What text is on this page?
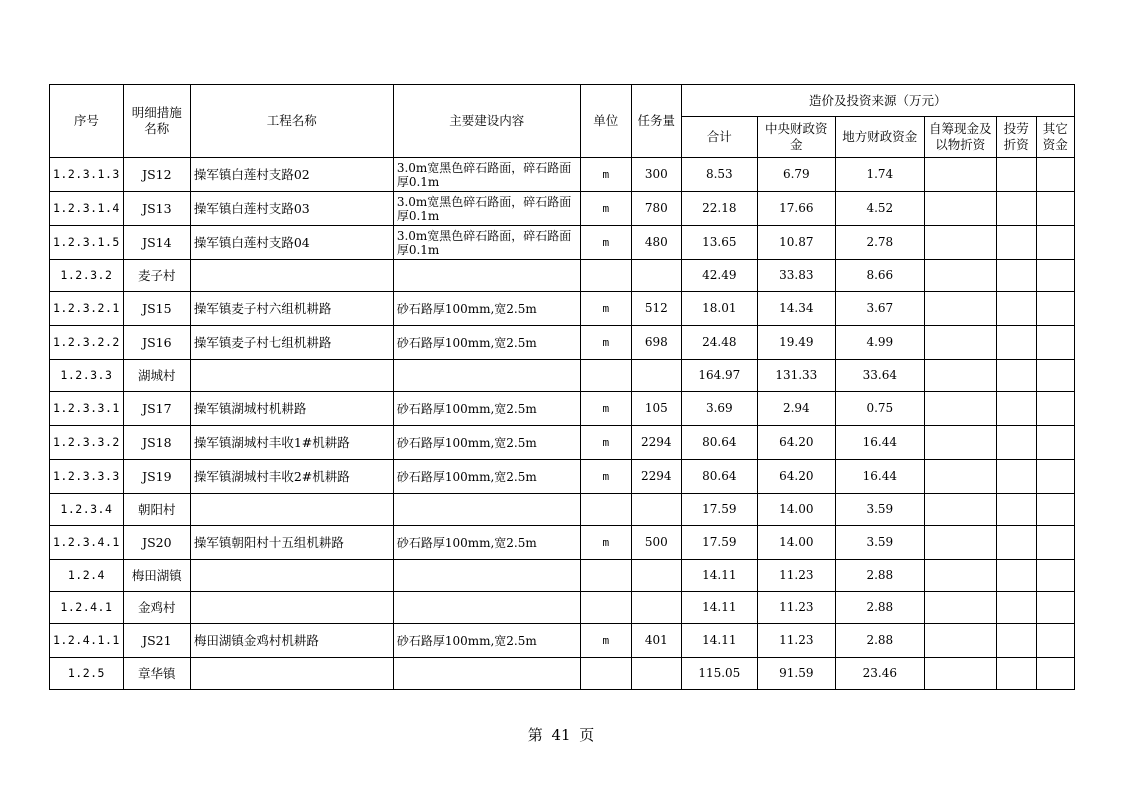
序号	明细措施名称	工程名称	主要建设内容	单位	任务量	造价及投资来源（万元）					
						合计	中央财政资金	地方财政资金	自筹现金及以物折资	投劳折资	其它资金
1.2.3.1.3	JS12	操军镇白莲村支路02	3.0m宽黑色碎石路面，碎石路面厚0.1m	m	300	8.53	6.79	1.74			
1.2.3.1.4	JS13	操军镇白莲村支路03	3.0m宽黑色碎石路面，碎石路面厚0.1m	m	780	22.18	17.66	4.52			
1.2.3.1.5	JS14	操军镇白莲村支路04	3.0m宽黑色碎石路面，碎石路面厚0.1m	m	480	13.65	10.87	2.78			
1.2.3.2	麦子村					42.49	33.83	8.66			
1.2.3.2.1	JS15	操军镇麦子村六组机耕路	砂石路厚100mm,宽2.5m	m	512	18.01	14.34	3.67			
1.2.3.2.2	JS16	操军镇麦子村七组机耕路	砂石路厚100mm,宽2.5m	m	698	24.48	19.49	4.99			
1.2.3.3	湖城村					164.97	131.33	33.64			
1.2.3.3.1	JS17	操军镇湖城村机耕路	砂石路厚100mm,宽2.5m	m	105	3.69	2.94	0.75			
1.2.3.3.2	JS18	操军镇湖城村丰收1#机耕路	砂石路厚100mm,宽2.5m	m	2294	80.64	64.20	16.44			
1.2.3.3.3	JS19	操军镇湖城村丰收2#机耕路	砂石路厚100mm,宽2.5m	m	2294	80.64	64.20	16.44			
1.2.3.4	朝阳村					17.59	14.00	3.59			
1.2.3.4.1	JS20	操军镇朝阳村十五组机耕路	砂石路厚100mm,宽2.5m	m	500	17.59	14.00	3.59			
1.2.4	梅田湖镇					14.11	11.23	2.88			
1.2.4.1	金鸡村					14.11	11.23	2.88			
1.2.4.1.1	JS21	梅田湖镇金鸡村机耕路	砂石路厚100mm,宽2.5m	m	401	14.11	11.23	2.88			
1.2.5	章华镇					115.05	91.59	23.46			
第 41 页
